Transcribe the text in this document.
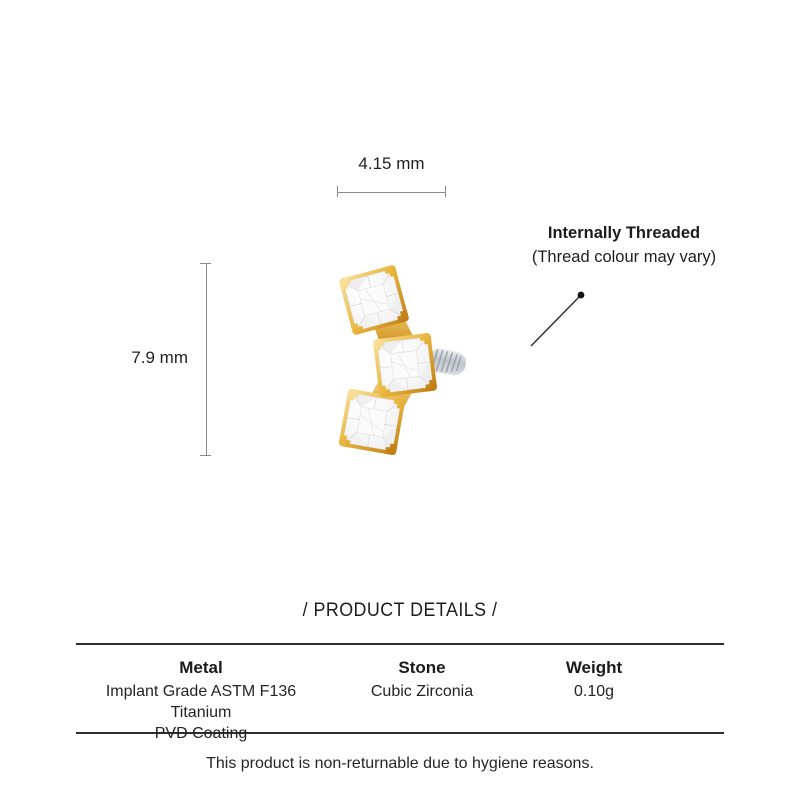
4.15 mm
7.9 mm
Internally Threaded
(Thread colour may vary)
/ PRODUCT DETAILS /
Metal
Implant Grade ASTM F136 Titanium
PVD Coating
Stone
Cubic Zirconia
Weight
0.10g
This product is non-returnable due to hygiene reasons.
